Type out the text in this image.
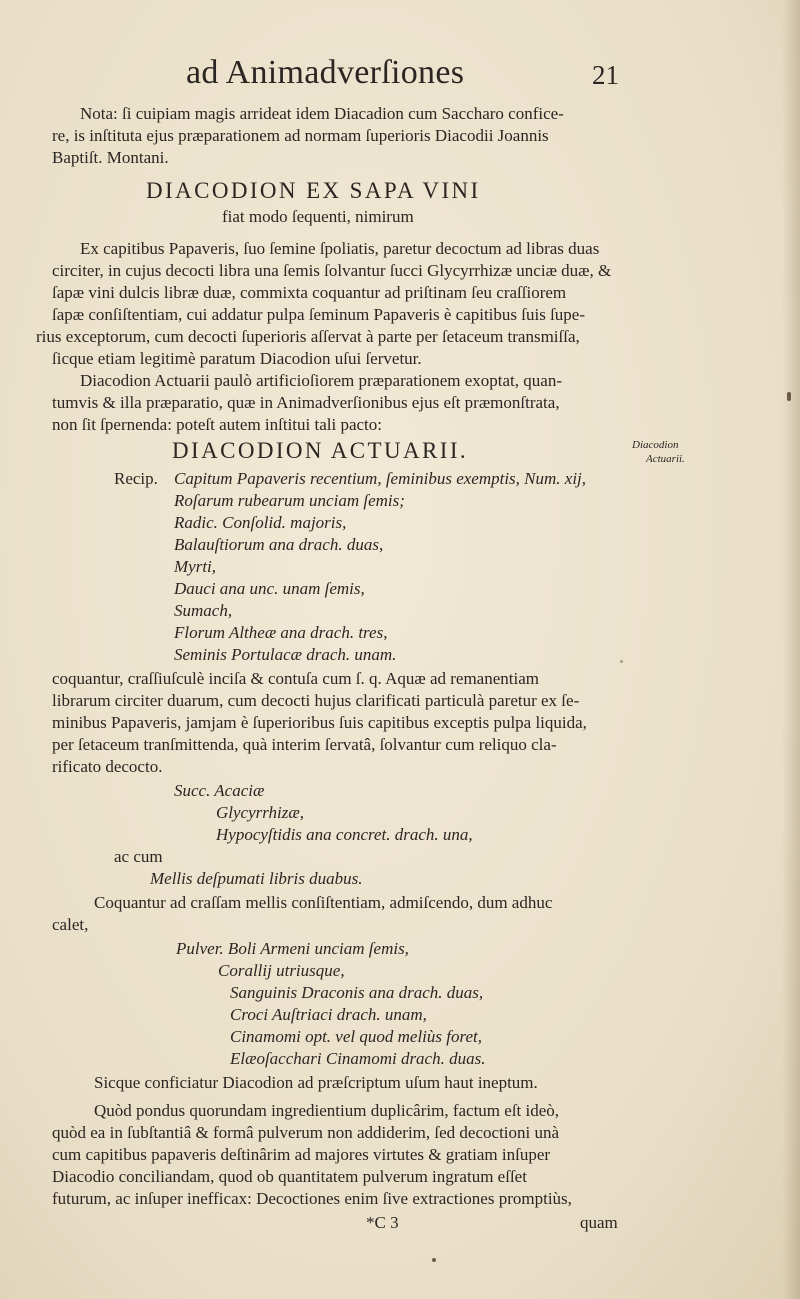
ad Animadverſiones	21
Nota: ſi cuipiam magis arrideat idem Diacadion cum Saccharo confice-
re, is inſtituta ejus præparationem ad normam ſuperioris Diacodii Joannis
Baptiſt. Montani.
DIACODION EX SAPA VINI
fiat modo ſequenti, nimirum
Ex capitibus Papaveris, ſuo ſemine ſpoliatis, paretur decoctum ad libras duas
circiter, in cujus decocti libra una ſemis ſolvantur ſucci Glycyrrhizæ unciæ duæ, &
ſapæ vini dulcis libræ duæ, commixta coquantur ad priſtinam ſeu craſſiorem
ſapæ conſiſtentiam, cui addatur pulpa ſeminum Papaveris è capitibus ſuis ſupe-
rius exceptorum, cum decocti ſuperioris aſſervat à parte per ſetaceum transmiſſa,
ſicque etiam legitimè paratum Diacodion uſui ſervetur.
Diacodion Actuarii paulò artificioſiorem præparationem exoptat, quan-
tumvis & illa præparatio, quæ in Animadverſionibus ejus eſt præmonſtrata,
non ſit ſpernenda: poteſt autem inſtitui tali pacto:
DIACODION ACTUARII.	Diacodion
Actuarii.
Recip. Capitum Papaveris recentium, ſeminibus exemptis, Num. xij,
Roſarum rubearum unciam ſemis;
Radic. Conſolid. majoris,
Balauſtiorum ana drach. duas,
Myrti,
Dauci ana unc. unam ſemis,
Sumach,
Florum Altheæ ana drach. tres,
Seminis Portulacæ drach. unam.
coquantur, craſſiuſculè inciſa & contuſa cum ſ. q. Aquæ ad remanentiam
librarum circiter duarum, cum decocti hujus clarificati particulà paretur ex ſe-
minibus Papaveris, jamjam è ſuperioribus ſuis capitibus exceptis pulpa liquida,
per ſetaceum tranſmittenda, quà interim ſervatâ, ſolvantur cum reliquo cla-
rificato decocto.
Succ. Acaciæ
Glycyrrhizæ,
Hypocyſtidis ana concret. drach. una,
ac cum
Mellis deſpumati libris duabus.
Coquantur ad craſſam mellis conſiſtentiam, admiſcendo, dum adhuc
calet,
Pulver. Boli Armeni unciam ſemis,
Corallij utriusque,
Sanguinis Draconis ana drach. duas,
Croci Auſtriaci drach. unam,
Cinamomi opt. vel quod meliùs foret,
Elæoſacchari Cinamomi drach. duas.
Sicque conficiatur Diacodion ad præſcriptum uſum haut ineptum.
Quòd pondus quorundam ingredientium duplicârim, factum eſt ideò,
quòd ea in ſubſtantiâ & formâ pulverum non addiderim, ſed decoctioni unà
cum capitibus papaveris deſtinârim ad majores virtutes & gratiam inſuper
Diacodio conciliandam, quod ob quantitatem pulverum ingratum eſſet
futurum, ac inſuper inefficax: Decoctiones enim ſive extractiones promptiùs,
*C 3	quam
